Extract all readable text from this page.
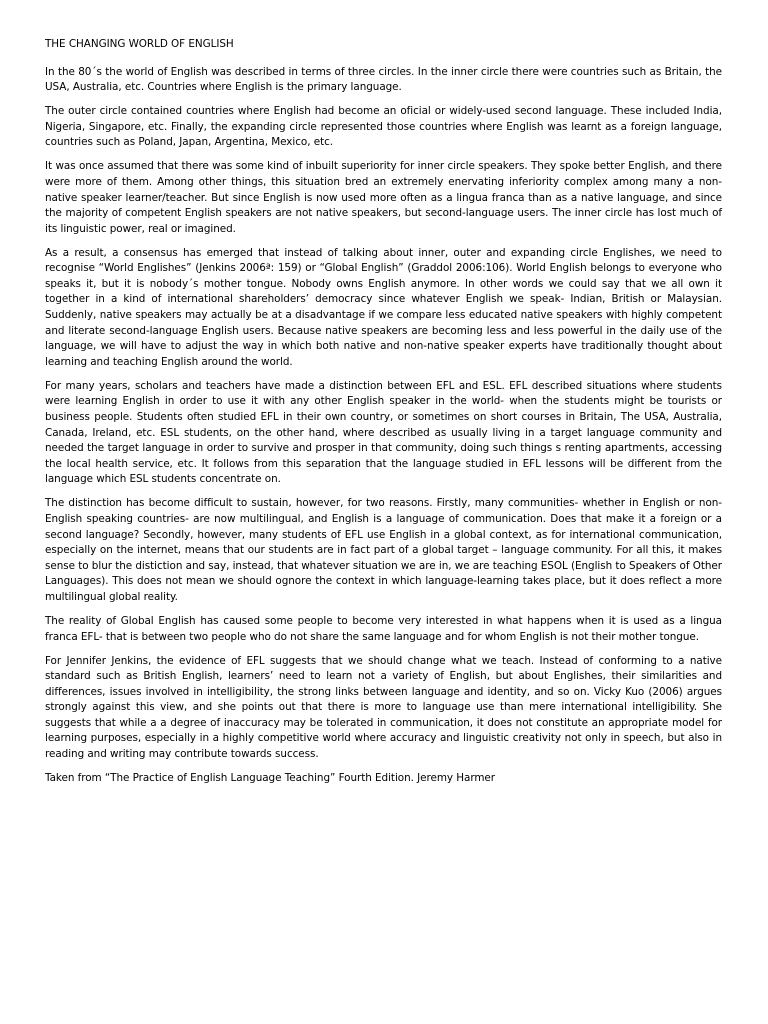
THE CHANGING WORLD OF ENGLISH

In the 80´s the world of English was described in terms of three circles. In the inner circle there were countries such as Britain, the USA, Australia, etc. Countries where English is the primary language.

The outer circle contained countries where English had become an oficial or widely-used second language. These included India, Nigeria, Singapore, etc. Finally, the expanding circle represented those countries where English was learnt as a foreign language, countries such as Poland, Japan, Argentina, Mexico, etc.

It was once assumed that there was some kind of inbuilt superiority for inner circle speakers. They spoke better English, and there were more of them. Among other things, this situation bred an extremely enervating inferiority complex among many a non-native speaker learner/teacher. But since English is now used more often as a lingua franca than as a native language, and since the majority of competent English speakers are not native speakers, but second-language users. The inner circle has lost much of its linguistic power, real or imagined.

As a result, a consensus has emerged that instead of talking about inner, outer and expanding circle Englishes, we need to recognise “World Englishes” (Jenkins 2006ª: 159) or “Global English” (Graddol 2006:106). World English belongs to everyone who speaks it, but it is nobody´s mother tongue. Nobody owns English anymore. In other words we could say that we all own it together in a kind of international shareholders’ democracy since whatever English we speak- Indian, British or Malaysian. Suddenly, native speakers may actually be at a disadvantage if we compare less educated native speakers with highly competent and literate second-language English users. Because native speakers are becoming less and less powerful in the daily use of the language, we will have to adjust the way in which both native and non-native speaker experts have traditionally thought about learning and teaching English around the world.

For many years, scholars and teachers have made a distinction between EFL and ESL. EFL described situations where students were learning English in order to use it with any other English speaker in the world- when the students might be tourists or business people. Students often studied EFL in their own country, or sometimes on short courses in Britain, The USA, Australia, Canada, Ireland, etc. ESL students, on the other hand, where described as usually living in a target language community and needed the target language in order to survive and prosper in that community, doing such things s renting apartments, accessing the local health service, etc. It follows from this separation that the language studied in EFL lessons will be different from the language which ESL students concentrate on.

The distinction has become difficult to sustain, however, for two reasons. Firstly, many communities- whether in English or non-English speaking countries- are now multilingual, and English is a language of communication. Does that make it a foreign or a second language? Secondly, however, many students of EFL use English in a global context, as for international communication, especially on the internet, means that our students are in fact part of a global target – language community. For all this, it makes sense to blur the distiction and say, instead, that whatever situation we are in, we are teaching ESOL (English to Speakers of Other Languages). This does not mean we should ognore the context in which language-learning takes place, but it does reflect a more multilingual global reality.

The reality of Global English has caused some people to become very interested in what happens when it is used as a lingua franca EFL- that is between two people who do not share the same language and for whom English is not their mother tongue.

For Jennifer Jenkins, the evidence of EFL suggests that we should change what we teach. Instead of conforming to a native standard such as British English, learners’ need to learn not a variety of English, but about Englishes, their similarities and differences, issues involved in intelligibility, the strong links between language and identity, and so on. Vicky Kuo (2006) argues strongly against this view, and she points out that there is more to language use than mere international intelligibility. She suggests that while a a degree of inaccuracy may be tolerated in communication, it does not constitute an appropriate model for learning purposes, especially in a highly competitive world where accuracy and linguistic creativity not only in speech, but also in reading and writing may contribute towards success.

Taken from “The Practice of English Language Teaching” Fourth Edition. Jeremy Harmer
